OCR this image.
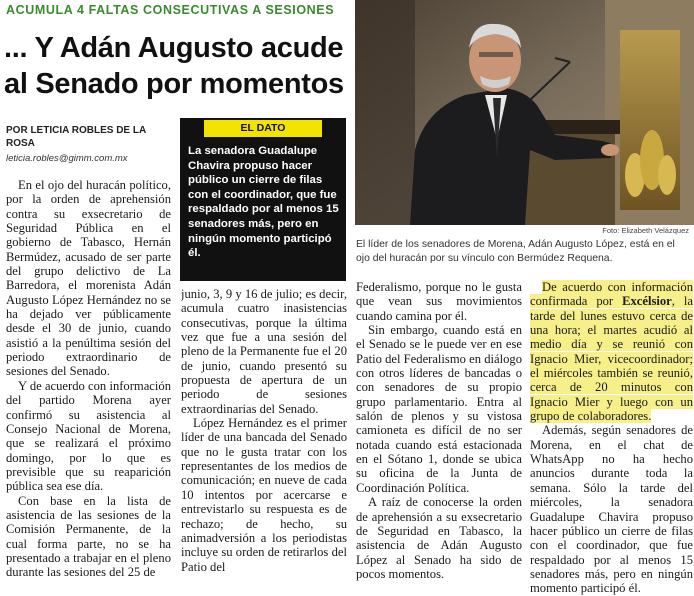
ACUMULA 4 FALTAS CONSECUTIVAS A SESIONES
... Y Adán Augusto acude al Senado por momentos
POR LETICIA ROBLES DE LA ROSA
leticia.robles@gimm.com.mx
EL DATO
La senadora Guadalupe Chavira propuso hacer público un cierre de filas con el coordinador, que fue respaldado por al menos 15 senadores más, pero en ningún momento participó él.
Foto: Elizabeth Velázquez
El líder de los senadores de Morena, Adán Augusto López, está en el ojo del huracán por su vínculo con Bermúdez Requena.

En el ojo del huracán político, por la orden de aprehensión contra su exsecretario de Seguridad Pública en el gobierno de Tabasco, Hernán Bermúdez, acusado de ser parte del grupo delictivo de La Barredora, el morenista Adán Augusto López Hernández no se ha dejado ver públicamente desde el 30 de junio, cuando asistió a la penúltima sesión del periodo extraordinario de sesiones del Senado.

Y de acuerdo con información del partido Morena ayer confirmó su asistencia al Consejo Nacional de Morena, que se realizará el próximo domingo, por lo que es previsible que su reaparición pública sea ese día.

Con base en la lista de asistencia de las sesiones de la Comisión Permanente, de la cual forma parte, no se ha presentado a trabajar en el pleno durante las sesiones del 25 de

junio, 3, 9 y 16 de julio; es decir, acumula cuatro inasistencias consecutivas, porque la última vez que fue a una sesión del pleno de la Permanente fue el 20 de junio, cuando presentó su propuesta de apertura de un periodo de sesiones extraordinarias del Senado.

López Hernández es el primer líder de una bancada del Senado que no le gusta tratar con los representantes de los medios de comunicación; en nueve de cada 10 intentos por acercarse e entrevistarlo su respuesta es de rechazo; de hecho, su animadversión a los periodistas incluye su orden de retirarlos del Patio del

Federalismo, porque no le gusta que vean sus movimientos cuando camina por él.

Sin embargo, cuando está en el Senado se le puede ver en ese Patio del Federalismo en diálogo con otros líderes de bancadas o con senadores de su propio grupo parlamentario. Entra al salón de plenos y su vistosa camioneta es difícil de no ser notada cuando está estacionada en el Sótano 1, donde se ubica su oficina de la Junta de Coordinación Política.

A raíz de conocerse la orden de aprehensión a su exsecretario de Seguridad en Tabasco, la asistencia de Adán Augusto López al Senado ha sido de pocos momentos.

De acuerdo con información confirmada por Excélsior, la tarde del lunes estuvo cerca de una hora; el martes acudió al medio día y se reunió con Ignacio Mier, vicecoordinador; el miércoles también se reunió, cerca de 20 minutos con Ignacio Mier y luego con un grupo de colaboradores.

Además, según senadores de Morena, en el chat de WhatsApp no ha hecho anuncios durante toda la semana. Sólo la tarde del miércoles, la senadora Guadalupe Chavira propuso hacer público un cierre de filas con el coordinador, que fue respaldado por al menos 15 senadores más, pero en ningún momento participó él.
